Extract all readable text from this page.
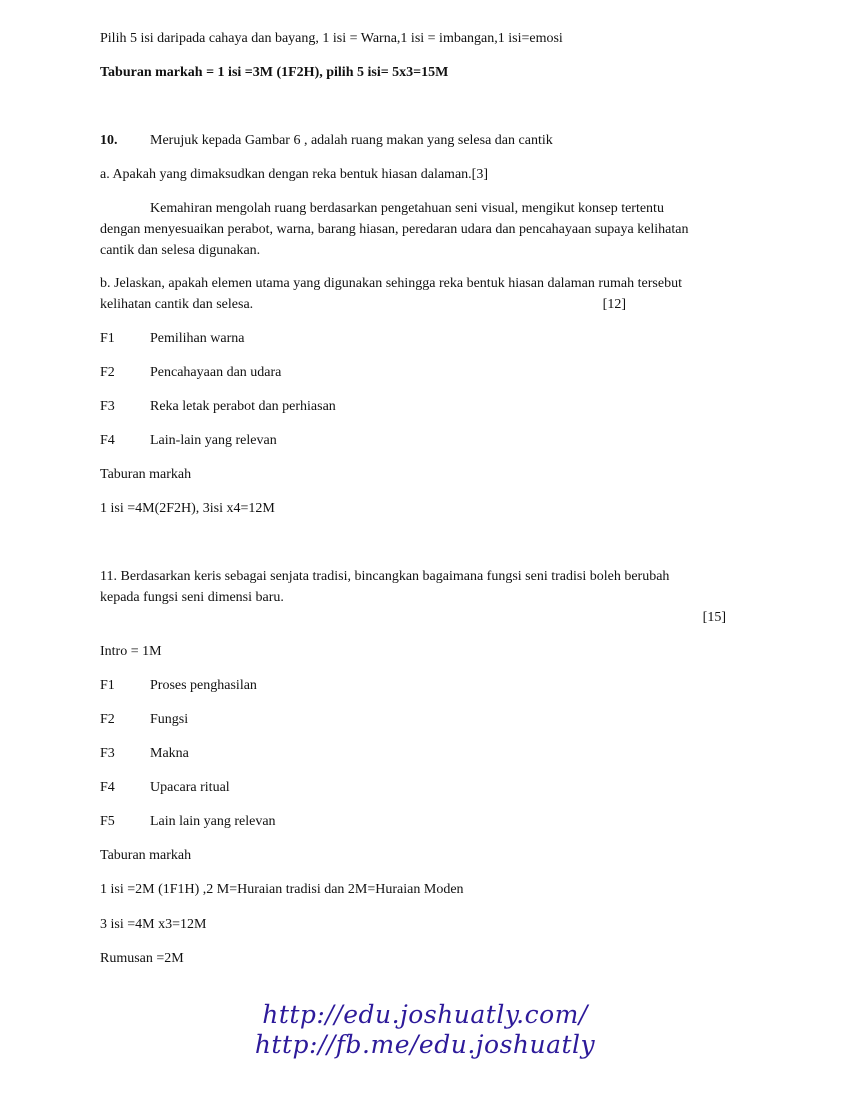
Pilih 5 isi daripada cahaya dan bayang, 1 isi = Warna,1 isi = imbangan,1 isi=emosi

Taburan markah = 1 isi =3M (1F2H), pilih 5 isi= 5x3=15M

10. Merujuk kepada Gambar 6 , adalah ruang makan yang selesa dan cantik

a. Apakah yang dimaksudkan dengan reka bentuk hiasan dalaman.[3]

Kemahiran mengolah ruang berdasarkan pengetahuan seni visual, mengikut konsep tertentu

dengan menyesuaikan perabot, warna, barang hiasan, peredaran udara dan pencahayaan supaya kelihatan

cantik dan selesa digunakan.

b. Jelaskan, apakah elemen utama yang digunakan sehingga reka bentuk hiasan dalaman rumah tersebut

kelihatan cantik dan selesa.	[12]

F1	Pemilihan warna

F2	Pencahayaan dan udara

F3	Reka letak perabot dan perhiasan

F4	Lain-lain yang relevan

Taburan markah

1 isi =4M(2F2H), 3isi x4=12M

11. Berdasarkan keris sebagai senjata tradisi, bincangkan bagaimana fungsi seni tradisi boleh berubah

kepada fungsi seni dimensi baru.

[15]

Intro = 1M

F1	Proses penghasilan

F2	Fungsi

F3	Makna

F4	Upacara ritual

F5	Lain lain yang relevan

Taburan markah

1 isi =2M (1F1H) ,2 M=Huraian tradisi dan 2M=Huraian Moden

3 isi =4M x3=12M

Rumusan =2M

http://edu.joshuatly.com/
http://fb.me/edu.joshuatly
